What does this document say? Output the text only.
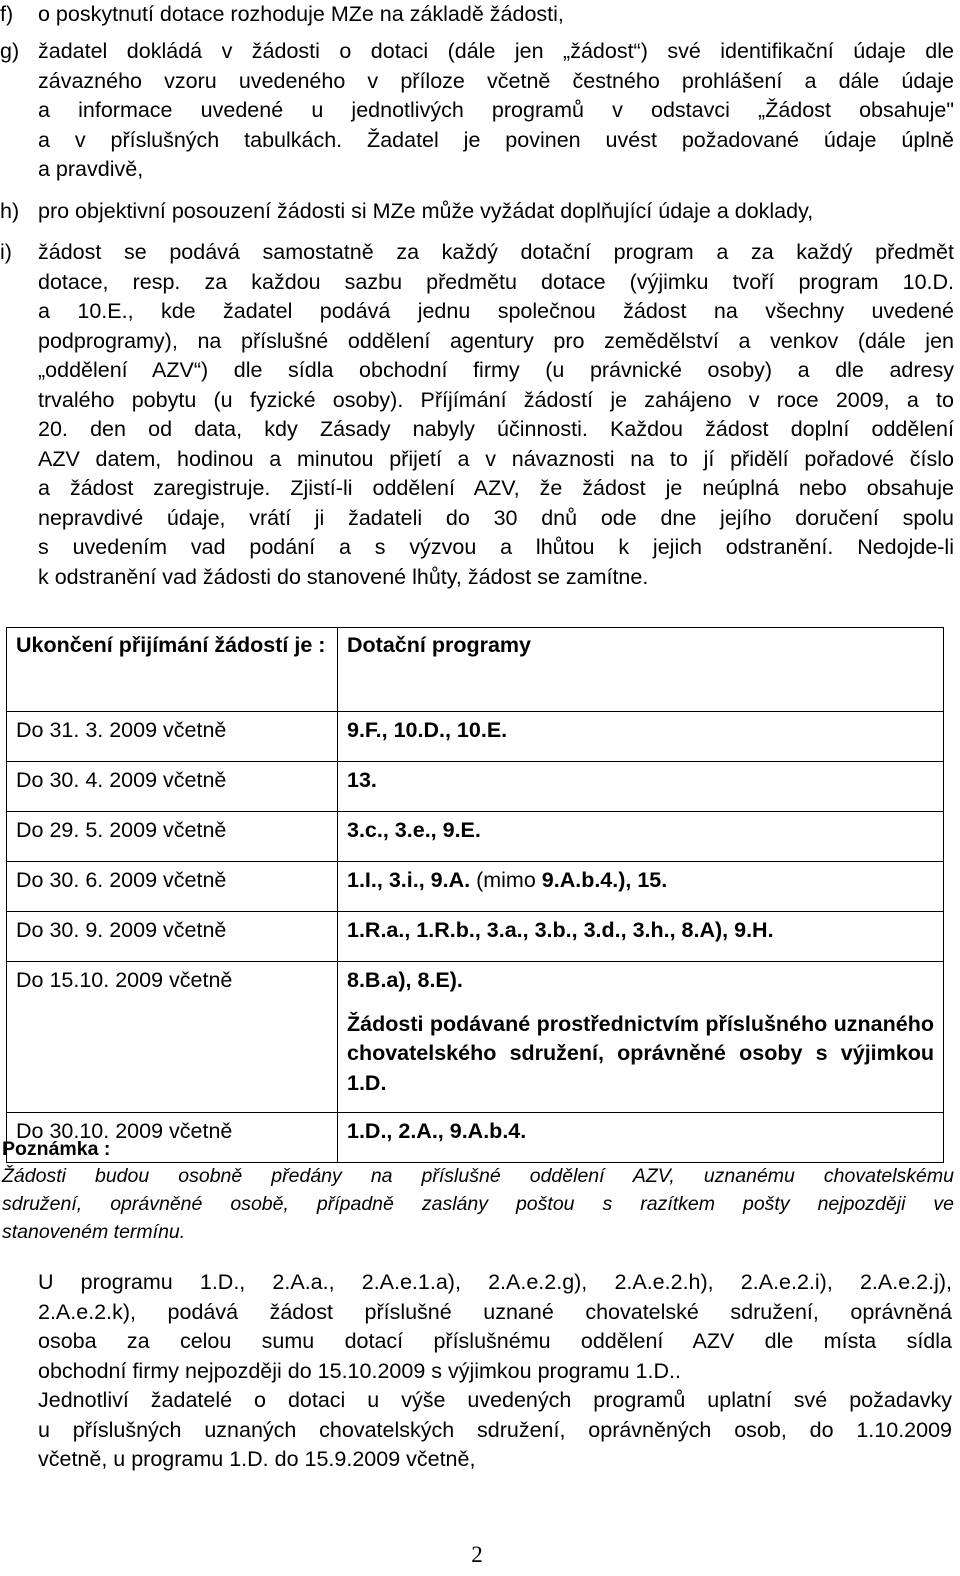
f)	o poskytnutí dotace rozhoduje MZe na základě žádosti,
g) žadatel dokládá v žádosti o dotaci (dále jen „žádost“) své identifikační údaje dle
závazného vzoru uvedeného v příloze včetně čestného prohlášení a dále údaje
a informace uvedené u jednotlivých programů v odstavci „Žádost obsahuje"
a v příslušných tabulkách. Žadatel je povinen uvést požadované údaje úplně
a pravdivě,
h) pro objektivní posouzení žádosti si MZe může vyžádat doplňující údaje a doklady,
i)	žádost se podává samostatně za každý dotační program a za každý předmět
dotace, resp. za každou sazbu předmětu dotace (výjimku tvoří program 10.D.
a 10.E., kde žadatel podává jednu společnou žádost na všechny uvedené
podprogramy), na příslušné oddělení agentury pro zemědělství a venkov (dále jen
„oddělení AZV“) dle sídla obchodní firmy (u právnické osoby) a dle adresy
trvalého pobytu (u fyzické osoby). Příjímání žádostí je zahájeno v roce 2009, a to
20. den od data, kdy Zásady nabyly účinnosti. Každou žádost doplní oddělení
AZV datem, hodinou a minutou přijetí a v návaznosti na to jí přidělí pořadové číslo
a žádost zaregistruje. Zjistí-li oddělení AZV, že žádost je neúplná nebo obsahuje
nepravdivé údaje, vrátí ji žadateli do 30 dnů ode dne jejího doručení spolu
s uvedením vad podání a s výzvou a lhůtou k jejich odstranění. Nedojde-li
k odstranění vad žádosti do stanovené lhůty, žádost se zamítne.
Ukončení přijímání žádostí je :	Dotační programy
Do 31. 3. 2009 včetně	9.F., 10.D., 10.E.
Do 30. 4. 2009 včetně	13.
Do 29. 5. 2009 včetně	3.c., 3.e., 9.E.
Do 30. 6. 2009 včetně	1.I., 3.i., 9.A. (mimo 9.A.b.4.), 15.
Do 30. 9. 2009 včetně	1.R.a., 1.R.b., 3.a., 3.b., 3.d., 3.h., 8.A), 9.H.
Do 15.10. 2009 včetně	8.B.a), 8.E).
Žádosti podávané prostřednictvím příslušného uznaného chovatelského sdružení, oprávněné osoby s výjimkou 1.D.

Do 30.10. 2009 včetně	1.D., 2.A., 9.A.b.4.
Poznámka :
Žádosti budou osobně předány na příslušné oddělení AZV, uznanému chovatelskému
sdružení, oprávněné osobě, případně zaslány poštou s razítkem pošty nejpozději ve
stanoveném termínu.
U programu 1.D., 2.A.a., 2.A.e.1.a), 2.A.e.2.g), 2.A.e.2.h), 2.A.e.2.i), 2.A.e.2.j),
2.A.e.2.k), podává žádost příslušné uznané chovatelské sdružení, oprávněná
osoba za celou sumu dotací příslušnému oddělení AZV dle místa sídla
obchodní firmy nejpozději do 15.10.2009 s výjimkou programu 1.D..
Jednotliví žadatelé o dotaci u výše uvedených programů uplatní své požadavky
u příslušných uznaných chovatelských sdružení, oprávněných osob, do 1.10.2009
včetně, u programu 1.D. do 15.9.2009 včetně,
2
